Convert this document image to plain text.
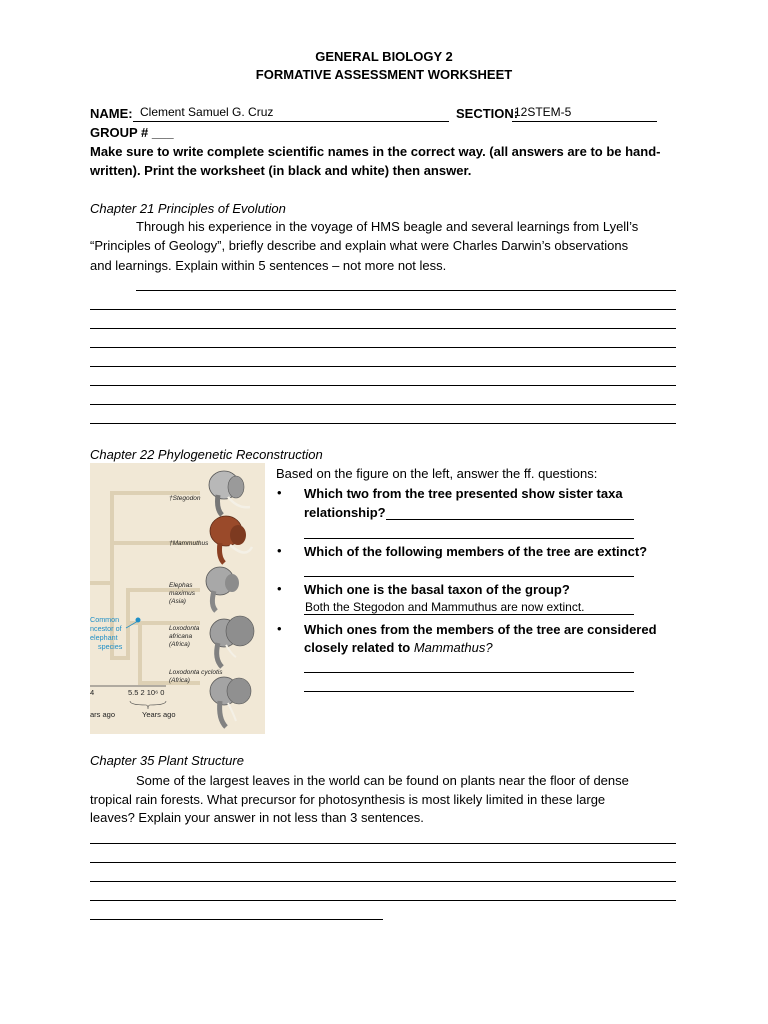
GENERAL BIOLOGY 2
FORMATIVE ASSESSMENT WORKSHEET
NAME: Clement Samuel G. Cruz	SECTION:
12STEM-5
GROUP # ___
Make sure to write complete scientific names in the correct way. (all answers are to be hand-
written). Print the worksheet (in black and white) then answer.
Chapter 21 Principles of Evolution
Through his experience in the voyage of HMS beagle and several learnings from Lyell’s
“Principles of Geology”, briefly describe and explain what were Charles Darwin’s observations
and learnings. Explain within 5 sentences – not more not less.
Chapter 22 Phylogenetic Reconstruction
Common
ncestor of
elephant
species
†Stegodon
†Mammuthus
Elephas
maximus
(Asia)
Loxodonta
africana
(Africa)
Loxodonta cyclotis
(Africa)
4	5.5 2 10⁶ 0
ars ago	Years ago
Based on the figure on the left, answer the ff. questions:
• Which two from the tree presented show sister taxa
relationship?
• Which of the following members of the tree are extinct?
• Which one is the basal taxon of the group?
Both the Stegodon and Mammuthus are now extinct.
• Which ones from the members of the tree are considered
closely related to Mammathus?
Chapter 35 Plant Structure
Some of the largest leaves in the world can be found on plants near the floor of dense
tropical rain forests. What precursor for photosynthesis is most likely limited in these large
leaves? Explain your answer in not less than 3 sentences.
